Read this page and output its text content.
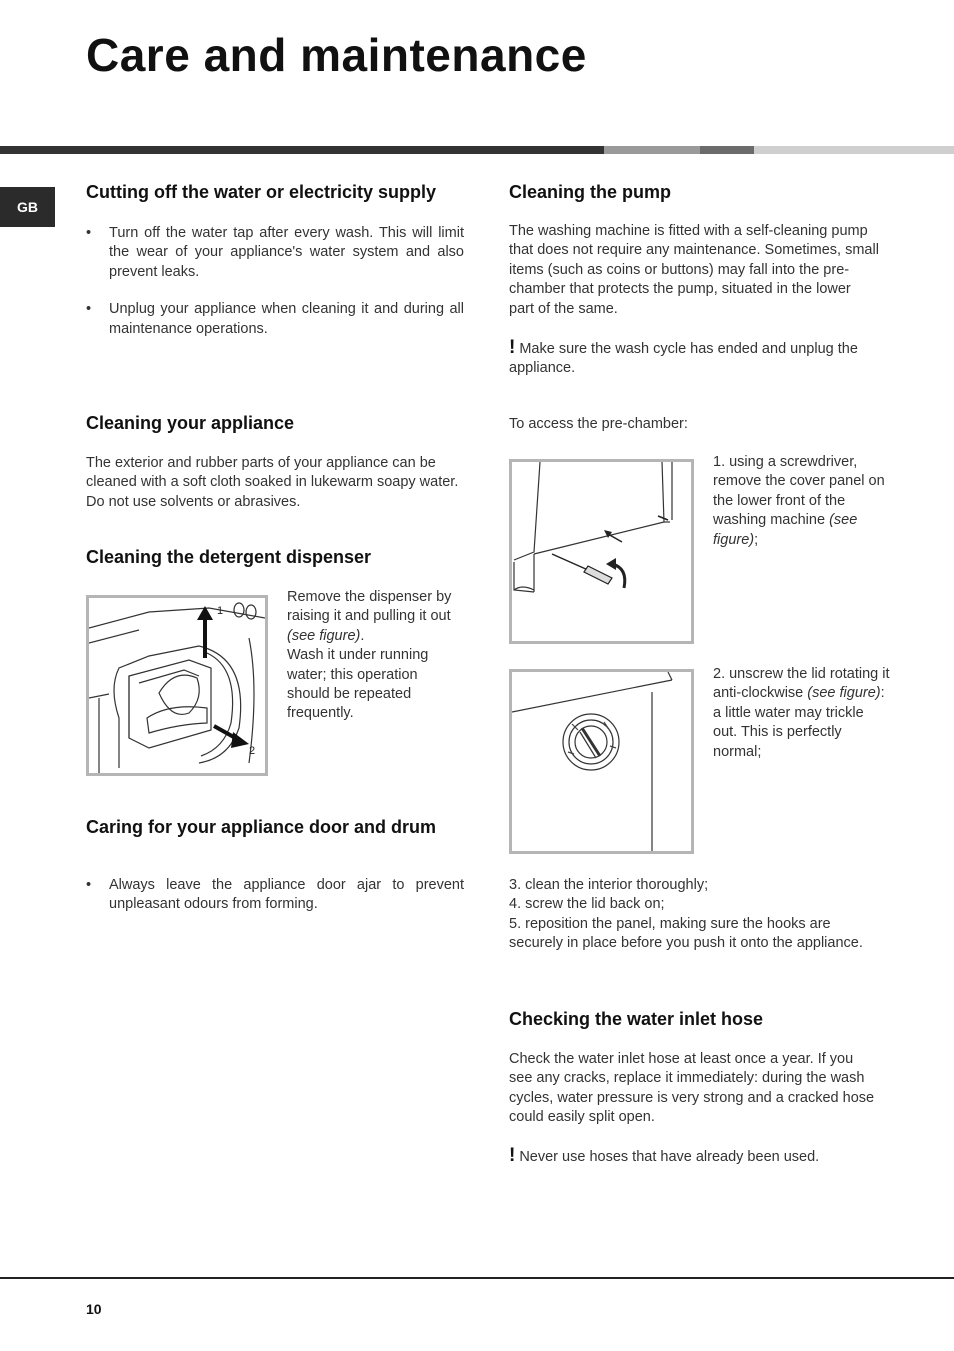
Care and maintenance
GB
Cutting off the water or electricity supply
• Turn off the water tap after every wash. This will limit the wear of your appliance's water system and also prevent leaks.
• Unplug your appliance when cleaning it and during all maintenance operations.
Cleaning your appliance

The exterior and rubber parts of your appliance can be cleaned with a soft cloth soaked in lukewarm soapy water. Do not use solvents or abrasives.

Cleaning the detergent dispenser
1
2

Remove the dispenser by raising it and pulling it out (see figure).
Wash it under running water; this operation should be repeated frequently.

Caring for your appliance door and drum
• Always leave the appliance door ajar to prevent unpleasant odours from forming.
Cleaning the pump

The washing machine is fitted with a self-cleaning pump that does not require any maintenance. Sometimes, small items (such as coins or buttons) may fall into the pre-chamber that protects the pump, situated in the lower part of the same.

! Make sure the wash cycle has ended and unplug the appliance.

To access the pre-chamber:

1. using a screwdriver, remove the cover panel on the lower front of the washing machine (see figure);

2. unscrew the lid rotating it anti-clockwise (see figure): a little water may trickle out. This is perfectly normal;

3. clean the interior thoroughly;
4. screw the lid back on;
5. reposition the panel, making sure the hooks are securely in place before you push it onto the appliance.

Checking the water inlet hose

Check the water inlet hose at least once a year. If you see any cracks, replace it immediately: during the wash cycles, water pressure is very strong and a cracked hose could easily split open.

! Never use hoses that have already been used.

10
